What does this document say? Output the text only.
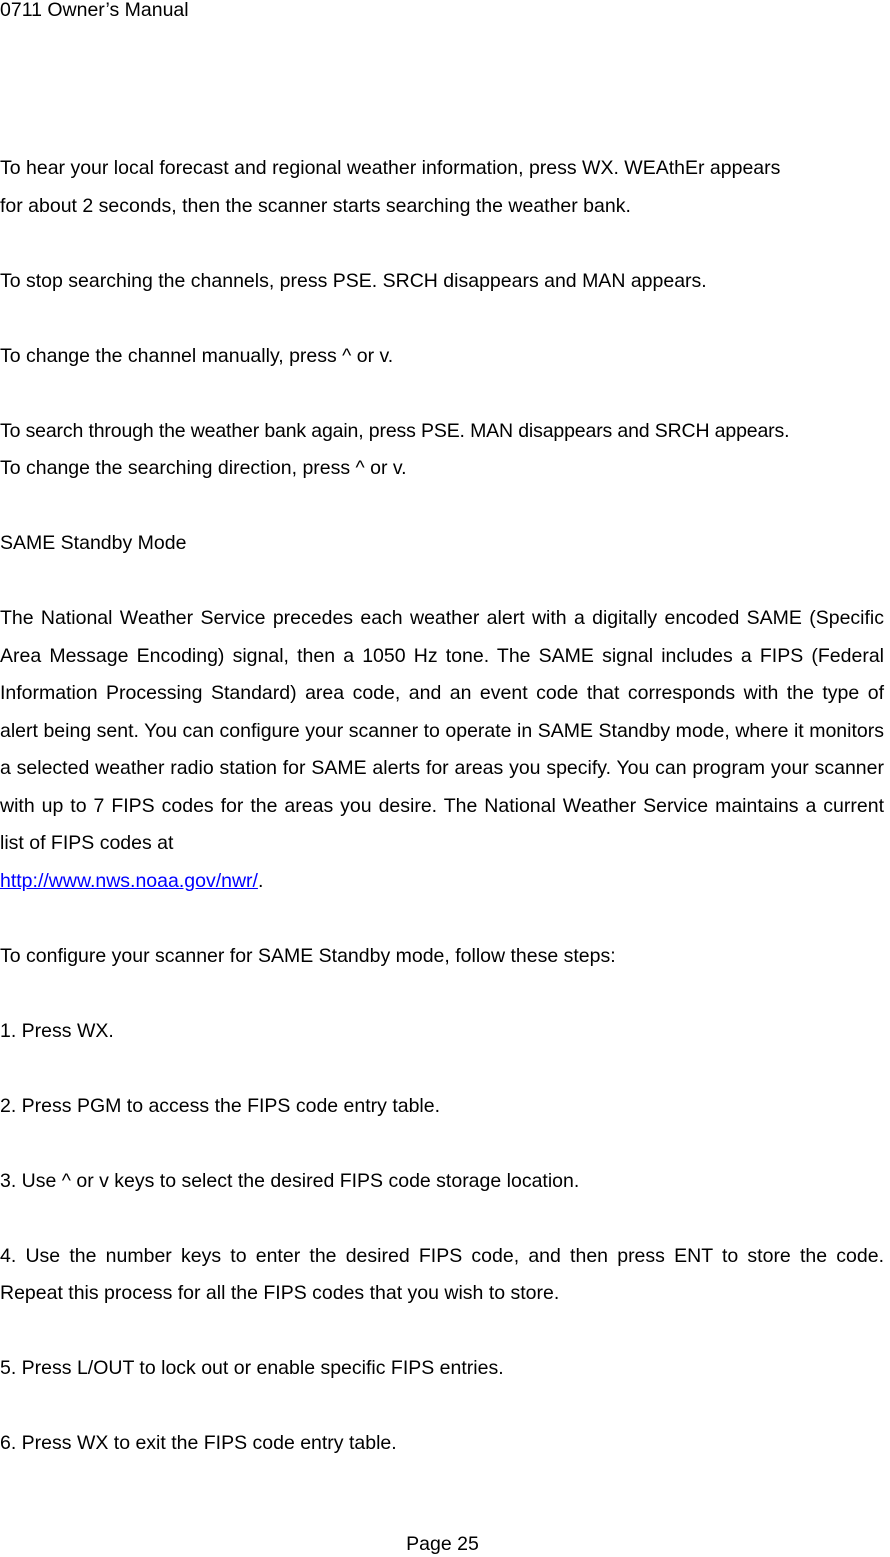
0711 Owner’s Manual

To hear your local forecast and regional weather information, press WX. WEAthEr appears

for about 2 seconds, then the scanner starts searching the weather bank.

To stop searching the channels, press PSE. SRCH disappears and MAN appears.

To change the channel manually, press ^ or v.

To search through the weather bank again, press PSE. MAN disappears and SRCH appears.

To change the searching direction, press ^ or v.

SAME Standby Mode

The National Weather Service precedes each weather alert with a digitally encoded SAME (Specific Area Message Encoding) signal, then a 1050 Hz tone. The SAME signal includes a FIPS (Federal Information Processing Standard) area code, and an event code that corresponds with the type of alert being sent. You can configure your scanner to operate in SAME Standby mode, where it monitors a selected weather radio station for SAME alerts for areas you specify. You can program your scanner with up to 7 FIPS codes for the areas you desire. The National Weather Service maintains a current list of FIPS codes at
http://www.nws.noaa.gov/nwr/.

To configure your scanner for SAME Standby mode, follow these steps:

1. Press WX.

2. Press PGM to access the FIPS code entry table.

3. Use ^ or v keys to select the desired FIPS code storage location.

4. Use the number keys to enter the desired FIPS code, and then press ENT to store the code. Repeat this process for all the FIPS codes that you wish to store.

5. Press L/OUT to lock out or enable specific FIPS entries.

6. Press WX to exit the FIPS code entry table.

Page 25
